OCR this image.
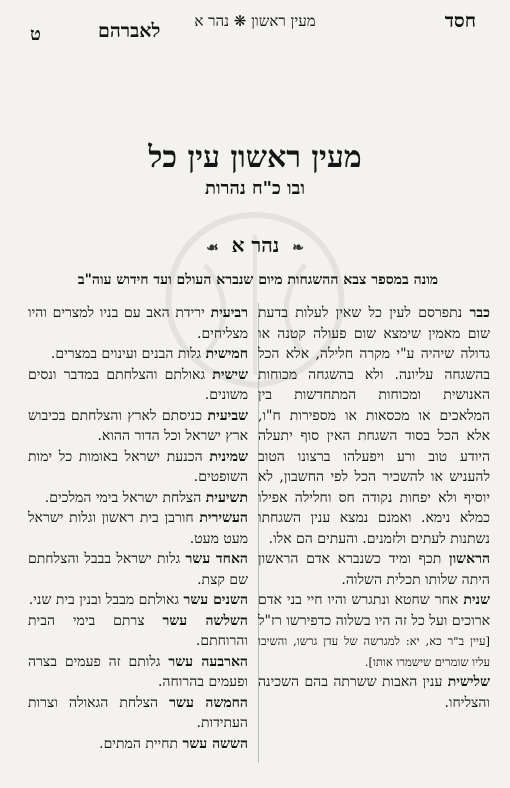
חסד
מעין ראשון ❋ נהר א
לאברהם
ט
מעין ראשון עין כל
ובו כ"ח נהרות
❧ נהר א ☙
מונה במספר צבא ההשגחות מיום שנברא העולם ועד חידוש עוה"ב

כבר נתפרסם לעין כל שאין לעלות בדעת שום מאמין שימצא שום פעולה קטנה או גדולה שיהיה ע"י מקרה חלילה, אלא הכל בהשגחה עליונה. ולא בהשגחה מכוחות האנושית ומכוחות המתחדשות בין המלאכים או מכסאות או מספירות ח"ו, אלא הכל בסוד השגחת האין סוף יתעלה היודע טוב ורע ויפעלהו ברצונו הטוב להעניש או להשכיר הכל לפי החשבון, לא יוסיף ולא יפחות נקודה חס וחלילה אפילו כמלא נימא. ואמנם נמצא ענין השגחתו נשתנות לעתים ולזמנים. והעתים הם אלו.

הראשון תכף ומיד כשנברא אדם הראשון היתה שלותו תכלית השלוה.

שנית אחר שחטא ונתגרש והיו חיי בני אדם ארוכים ועל כל זה היו בשלוה כדפירשו רז"ל [עיין ב"ר כא, יא: למגרשה של עדן גרשו, והשיבו עליו שומרים שישמרו אותו].

שלישית ענין האבות ששרתה בהם השכינה והצליחו.

רביעית ירידת האב עם בניו למצרים והיו מצליחים.

חמישית גלות הבנים ועינוים במצרים.

שישית גאולתם והצלחתם במדבר ונסים משונים.

שביעית כניסתם לארץ והצלחתם בכיבוש ארץ ישראל וכל הדור ההוא.

שמינית הכנעת ישראל באומות כל ימות השופטים.

תשיעית הצלחת ישראל בימי המלכים.

העשירית חורבן בית ראשון וגלות ישראל מעט מעט.

האחד עשר גלות ישראל בבבל והצלחתם שם קצת.

השנים עשר גאולתם מבבל ובנין בית שני.

השלשה עשר צרתם בימי הבית והרוחתם.

הארבעה עשר גלותם זה פעמים בצרה ופעמים בהרוחה.

החמשה עשר הצלחת הגאולה וצרות העתידות.

הששה עשר תחיית המתים.
